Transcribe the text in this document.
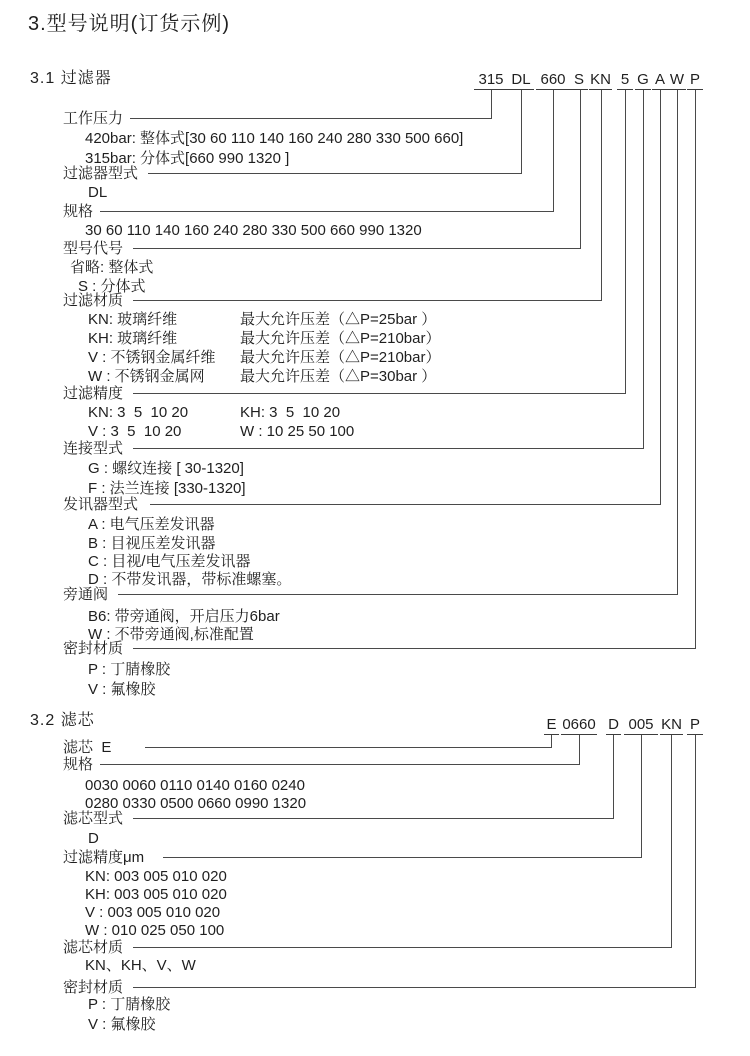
3.型号说明(订货示例)
3.1 过滤器	315 DL 660 S KN 5 G A W P
工作压力
过滤器型式
规格
型号代号
过滤材质
过滤精度
连接型式
发讯器型式
旁通阀
密封材质
420bar: 整体式[30 60 110 140 160 240 280 330 500 660]
315bar: 分体式[660 990 1320 ]
DL
30 60 110 140 160 240 280 330 500 660 990 1320
省略: 整体式
S : 分体式
KN: 玻璃纤维	最大允许压差（△P=25bar ）
KH: 玻璃纤维	最大允许压差（△P=210bar）
V : 不锈钢金属纤维 最大允许压差（△P=210bar）
W : 不锈钢金属网 最大允许压差（△P=30bar ）
KN: 3  5  10 20	KH: 3  5  10 20
V : 3  5  10 20	W : 10 25 50 100
G : 螺纹连接 [ 30-1320]
F : 法兰连接 [330-1320]
A : 电气压差发讯器
B : 目视压差发讯器
C : 目视/电气压差发讯器
D : 不带发讯器，带标准螺塞。
B6: 带旁通阀，开启压力6bar
W : 不带旁通阀,标准配置
P : 丁腈橡胶
V : 氟橡胶
3.2 滤芯	E 0660 D 005 KN P
滤芯  E
规格
滤芯型式
过滤精度μm
滤芯材质
密封材质
0030 0060 0110 0140 0160 0240
0280 0330 0500 0660 0990 1320
D
KN: 003 005 010 020
KH: 003 005 010 020
V : 003 005 010 020
W : 010 025 050 100
KN、KH、V、W
P : 丁腈橡胶
V : 氟橡胶
